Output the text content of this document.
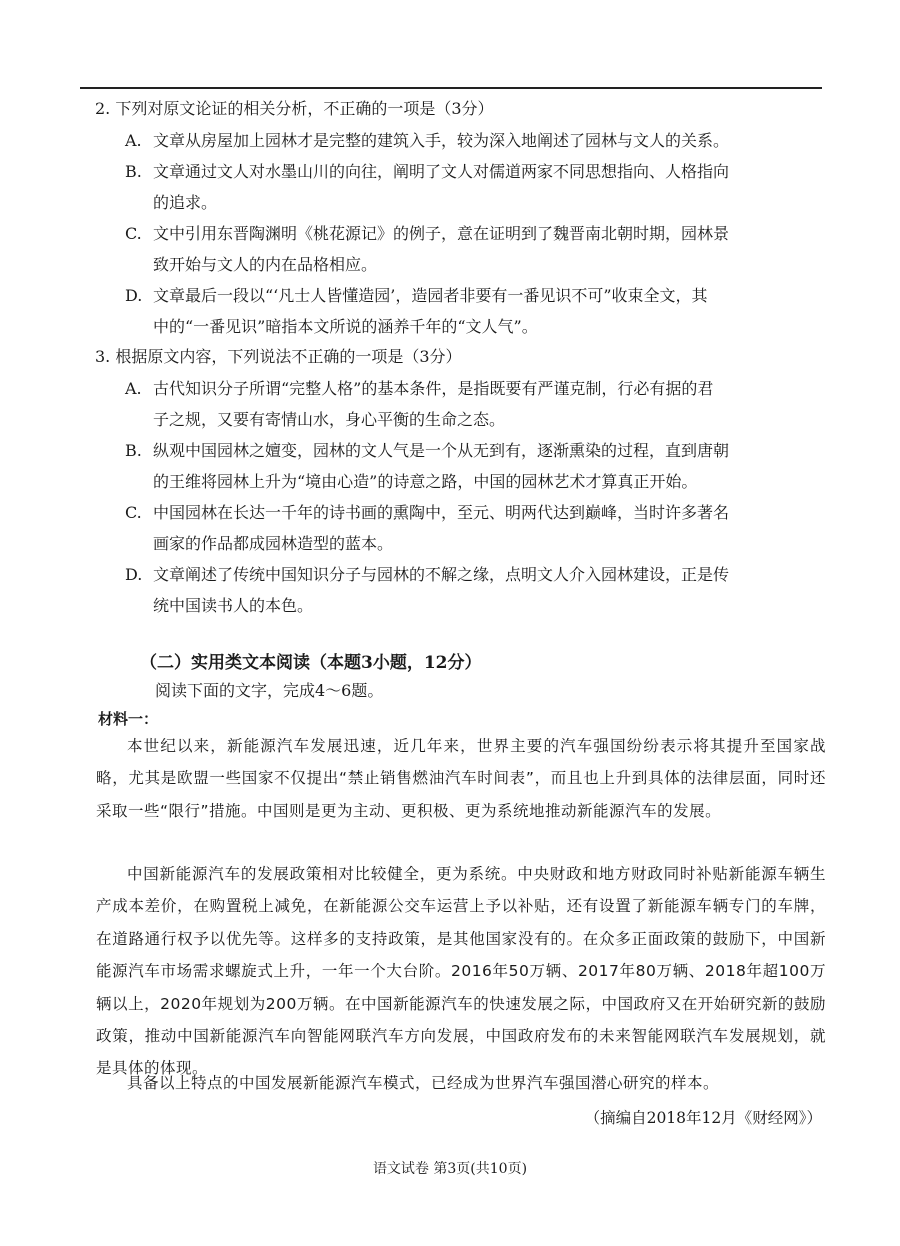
2. 下列对原文论证的相关分析，不正确的一项是（3分）
A. 文章从房屋加上园林才是完整的建筑入手，较为深入地阐述了园林与文人的关系。
B. 文章通过文人对水墨山川的向往，阐明了文人对儒道两家不同思想指向、人格指向
的追求。
C. 文中引用东晋陶渊明《桃花源记》的例子，意在证明到了魏晋南北朝时期，园林景
致开始与文人的内在品格相应。
D. 文章最后一段以“‘凡士人皆懂造园’，造园者非要有一番见识不可”收束全文，其
中的“一番见识”暗指本文所说的涵养千年的“文人气”。
3. 根据原文内容，下列说法不正确的一项是（3分）
A. 古代知识分子所谓“完整人格”的基本条件，是指既要有严谨克制，行必有据的君
子之规，又要有寄情山水，身心平衡的生命之态。
B. 纵观中国园林之嬗变，园林的文人气是一个从无到有，逐渐熏染的过程，直到唐朝
的王维将园林上升为“境由心造”的诗意之路，中国的园林艺术才算真正开始。
C. 中国园林在长达一千年的诗书画的熏陶中，至元、明两代达到巅峰，当时许多著名
画家的作品都成园林造型的蓝本。
D. 文章阐述了传统中国知识分子与园林的不解之缘，点明文人介入园林建设，正是传
统中国读书人的本色。
（二）实用类文本阅读（本题3小题，12分）
阅读下面的文字，完成4～6题。
材料一：

本世纪以来，新能源汽车发展迅速，近几年来，世界主要的汽车强国纷纷表示将其提升至国家战略，尤其是欧盟一些国家不仅提出“禁止销售燃油汽车时间表”，而且也上升到具体的法律层面，同时还采取一些“限行”措施。中国则是更为主动、更积极、更为系统地推动新能源汽车的发展。

中国新能源汽车的发展政策相对比较健全，更为系统。中央财政和地方财政同时补贴新能源车辆生产成本差价，在购置税上减免，在新能源公交车运营上予以补贴，还有设置了新能源车辆专门的车牌，在道路通行权予以优先等。这样多的支持政策，是其他国家没有的。在众多正面政策的鼓励下，中国新能源汽车市场需求螺旋式上升，一年一个大台阶。2016年50万辆、2017年80万辆、2018年超100万辆以上，2020年规划为200万辆。在中国新能源汽车的快速发展之际，中国政府又在开始研究新的鼓励政策，推动中国新能源汽车向智能网联汽车方向发展，中国政府发布的未来智能网联汽车发展规划，就是具体的体现。

具备以上特点的中国发展新能源汽车模式，已经成为世界汽车强国潜心研究的样本。

（摘编自2018年12月《财经网》）
语文试卷 第3页(共10页)
